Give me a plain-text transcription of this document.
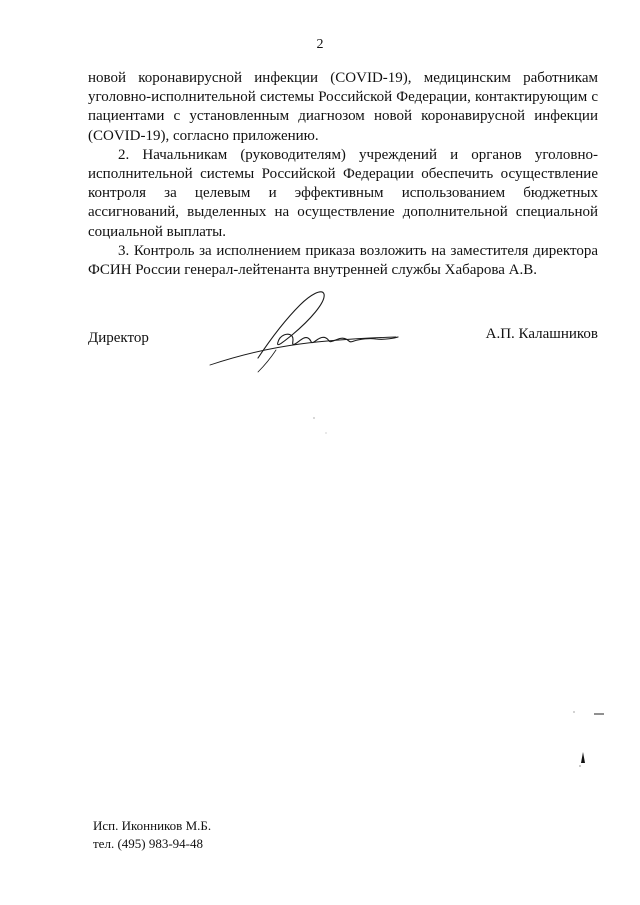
2

новой коронавирусной инфекции (COVID-19), медицинским работникам уголовно-исполнительной системы Российской Федерации, контактирующим с пациентами с установленным диагнозом новой коронавирусной инфекции (COVID-19), согласно приложению.

2. Начальникам (руководителям) учреждений и органов уголовно-исполнительной системы Российской Федерации обеспечить осуществление контроля за целевым и эффективным использованием бюджетных ассигнований, выделенных на осуществление дополнительной специальной социальной выплаты.

3. Контроль за исполнением приказа возложить на заместителя директора ФСИН России генерал-лейтенанта внутренней службы Хабарова А.В.

Директор	А.П. Калашников
Исп. Иконников М.Б.
тел. (495) 983-94-48
